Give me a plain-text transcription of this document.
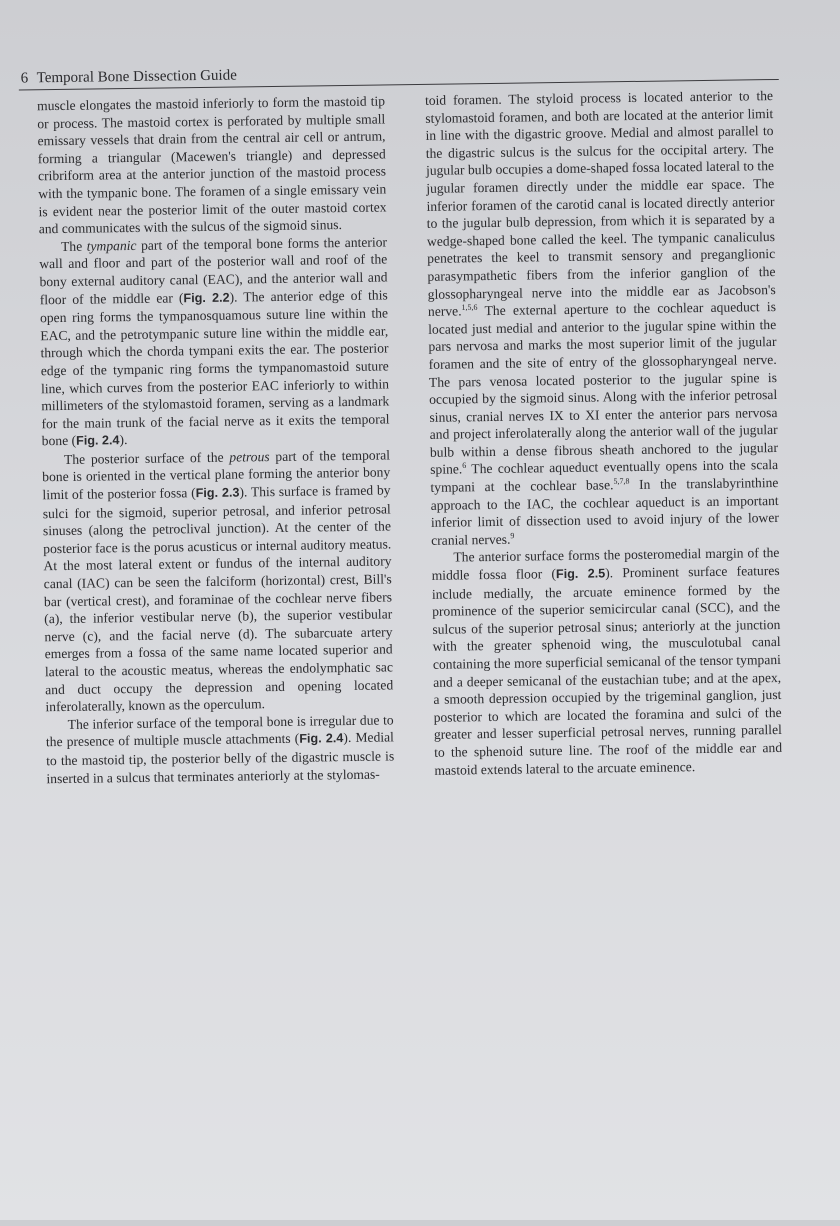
6 Temporal Bone Dissection Guide

muscle elongates the mastoid inferiorly to form the mastoid tip or process. The mastoid cortex is perforated by multiple small emissary vessels that drain from the central air cell or antrum, forming a triangular (Macewen's triangle) and depressed cribriform area at the anterior junction of the mastoid process with the tympanic bone. The foramen of a single emissary vein is evident near the posterior limit of the outer mastoid cortex and communicates with the sulcus of the sigmoid sinus.

The tympanic part of the temporal bone forms the anterior wall and floor and part of the posterior wall and roof of the bony external auditory canal (EAC), and the anterior wall and floor of the middle ear (Fig. 2.2). The anterior edge of this open ring forms the tympanosquamous suture line within the EAC, and the petrotympanic suture line within the middle ear, through which the chorda tympani exits the ear. The posterior edge of the tympanic ring forms the tympanomastoid suture line, which curves from the posterior EAC inferiorly to within millimeters of the stylomastoid foramen, serving as a landmark for the main trunk of the facial nerve as it exits the temporal bone (Fig. 2.4).

The posterior surface of the petrous part of the temporal bone is oriented in the vertical plane forming the anterior bony limit of the posterior fossa (Fig. 2.3). This surface is framed by sulci for the sigmoid, superior petrosal, and inferior petrosal sinuses (along the petroclival junction). At the center of the posterior face is the porus acusticus or internal auditory meatus. At the most lateral extent or fundus of the internal auditory canal (IAC) can be seen the falciform (horizontal) crest, Bill's bar (vertical crest), and foraminae of the cochlear nerve fibers (a), the inferior vestibular nerve (b), the superior vestibular nerve (c), and the facial nerve (d). The subarcuate artery emerges from a fossa of the same name located superior and lateral to the acoustic meatus, whereas the endolymphatic sac and duct occupy the depression and opening located inferolaterally, known as the operculum.

The inferior surface of the temporal bone is irregular due to the presence of multiple muscle attachments (Fig. 2.4). Medial to the mastoid tip, the posterior belly of the digastric muscle is inserted in a sulcus that terminates anteriorly at the stylomas-

toid foramen. The styloid process is located anterior to the stylomastoid foramen, and both are located at the anterior limit in line with the digastric groove. Medial and almost parallel to the digastric sulcus is the sulcus for the occipital artery. The jugular bulb occupies a dome-shaped fossa located lateral to the jugular foramen directly under the middle ear space. The inferior foramen of the carotid canal is located directly anterior to the jugular bulb depression, from which it is separated by a wedge-shaped bone called the keel. The tympanic canaliculus penetrates the keel to transmit sensory and preganglionic parasympathetic fibers from the inferior ganglion of the glossopharyngeal nerve into the middle ear as Jacobson's nerve.$^{1,5,6}$ The external aperture to the cochlear aqueduct is located just medial and anterior to the jugular spine within the pars nervosa and marks the most superior limit of the jugular foramen and the site of entry of the glossopharyngeal nerve. The pars venosa located posterior to the jugular spine is occupied by the sigmoid sinus. Along with the inferior petrosal sinus, cranial nerves IX to XI enter the anterior pars nervosa and project inferolaterally along the anterior wall of the jugular bulb within a dense fibrous sheath anchored to the jugular spine.$^6$ The cochlear aqueduct eventually opens into the scala tympani at the cochlear base.$^{5,7,8}$ In the translabyrinthine approach to the IAC, the cochlear aqueduct is an important inferior limit of dissection used to avoid injury of the lower cranial nerves.$^9$

The anterior surface forms the posteromedial margin of the middle fossa floor (Fig. 2.5). Prominent surface features include medially, the arcuate eminence formed by the prominence of the superior semicircular canal (SCC), and the sulcus of the superior petrosal sinus; anteriorly at the junction with the greater sphenoid wing, the musculotubal canal containing the more superficial semicanal of the tensor tympani and a deeper semicanal of the eustachian tube; and at the apex, a smooth depression occupied by the trigeminal ganglion, just posterior to which are located the foramina and sulci of the greater and lesser superficial petrosal nerves, running parallel to the sphenoid suture line. The roof of the middle ear and mastoid extends lateral to the arcuate eminence.
